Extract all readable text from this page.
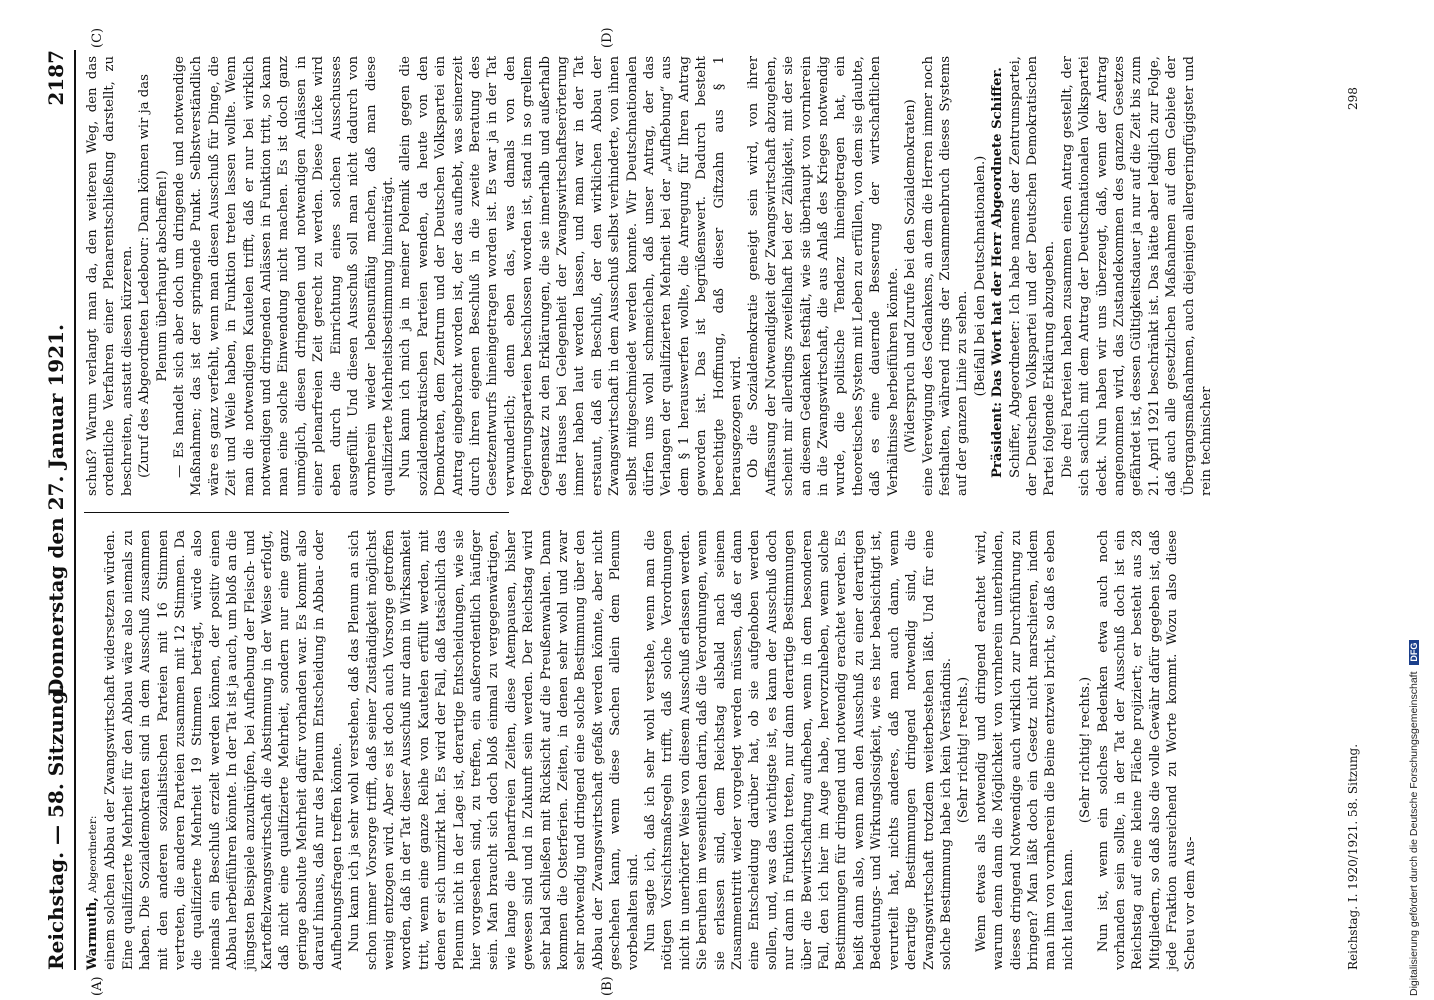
Reichstag. — 58. Sitzung.
Donnerstag den 27. Januar 1921.
2187
(A)	(B)
(C)	(D)

Warmuth, Abgeordneter: einem solchen Abbau der Zwangswirtschaft widersetzen würden. Eine qualifizierte Mehrheit für den Abbau wäre also niemals zu haben. Die Sozialdemokraten sind in dem Ausschuß zusammen mit den anderen sozialistischen Parteien mit 16 Stimmen vertreten, die anderen Parteien zusammen mit 12 Stimmen. Da die qualifizierte Mehrheit 19 Stimmen beträgt, würde also niemals ein Beschluß erzielt werden können, der positiv einen Abbau herbeiführen könnte. In der Tat ist ja auch, um bloß an die jüngsten Beispiele anzuknüpfen, bei Aufhebung der Fleisch- und Kartoffelzwangswirtschaft die Abstimmung in der Weise erfolgt, daß nicht eine qualifizierte Mehrheit, sondern nur eine ganz geringe absolute Mehrheit dafür vorhanden war. Es kommt also darauf hinaus, daß nur das Plenum Entscheidung in Abbau- oder Aufhebungsfragen treffen könnte. Nun kann ich ja sehr wohl verstehen, daß das Plenum an sich schon immer Vorsorge trifft, daß seiner Zuständigkeit möglichst wenig entzogen wird. Aber es ist doch auch Vorsorge getroffen worden, daß in der Tat dieser Ausschuß nur dann in Wirksamkeit tritt, wenn eine ganze Reihe von Kautelen erfüllt werden, mit denen er sich umzirkt hat. Es wird der Fall, daß tatsächlich das Plenum nicht in der Lage ist, derartige Entscheidungen, wie sie hier vorgesehen sind, zu treffen, ein außerordentlich häufiger sein. Man braucht sich doch bloß einmal zu vergegenwärtigen, wie lange die plenarfreien Zeiten, diese Atempausen, bisher gewesen sind und in Zukunft sein werden. Der Reichstag wird sehr bald schließen mit Rücksicht auf die Preußenwahlen. Dann kommen die Osterferien. Zeiten, in denen sehr wohl und zwar sehr notwendig und dringend eine solche Bestimmung über den Abbau der Zwangswirtschaft gefaßt werden könnte, aber nicht geschehen kann, wenn diese Sachen allein dem Plenum vorbehalten sind. Nun sagte ich, daß ich sehr wohl verstehe, wenn man die nötigen Vorsichtsmaßregeln trifft, daß solche Verordnungen nicht in unerhörter Weise von diesem Ausschuß erlassen werden. Sie beruhen im wesentlichen darin, daß die Verordnungen, wenn sie erlassen sind, dem Reichstag alsbald nach seinem Zusammentritt wieder vorgelegt werden müssen, daß er dann eine Entscheidung darüber hat, ob sie aufgehoben werden sollen, und, was das wichtigste ist, es kann der Ausschuß doch nur dann in Funktion treten, nur dann derartige Bestimmungen über die Bewirtschaftung aufheben, wenn in dem besonderen Fall, den ich hier im Auge habe, hervorzuheben, wenn solche Bestimmungen für dringend und notwendig erachtet werden. Es heißt dann also, wenn man den Ausschuß zu einer derartigen Bedeutungs- und Wirkungslosigkeit, wie es hier beabsichtigt ist, verurteilt hat, nichts anderes, daß man auch dann, wenn derartige Bestimmungen dringend notwendig sind, die Zwangswirtschaft trotzdem weiterbestehen läßt. Und für eine solche Bestimmung habe ich kein Verständnis. (Sehr richtig! rechts.) Wenn etwas als notwendig und dringend erachtet wird, warum denn dann die Möglichkeit von vornherein unterbinden, dieses dringend Notwendige auch wirklich zur Durchführung zu bringen? Man läßt doch ein Gesetz nicht marschieren, indem man ihm von vornherein die Beine entzwei bricht, so daß es eben nicht laufen kann.

(Sehr richtig! rechts.) Nun ist, wenn ein solches Bedenken etwa auch noch vorhanden sein sollte, in der Tat der Ausschuß doch ist ein Reichstag auf eine kleine Fläche projiziert; er besteht aus 28 Mitgliedern, so daß also die volle Gewähr dafür gegeben ist, daß jede Fraktion ausreichend zu Worte kommt. Wozu also diese Scheu vor dem Aus-

schuß? Warum verlangt man da, den weiteren Weg, den das ordentliche Verfahren einer Plenarentschließung darstellt, zu beschreiten, anstatt diesen kürzeren. (Zuruf des Abgeordneten Ledebour: Dann können wir ja das Plenum überhaupt abschaffen!) — Es handelt sich aber doch um dringende und notwendige Maßnahmen; das ist der springende Punkt. Selbstverständlich wäre es ganz verfehlt, wenn man diesen Ausschuß für Dinge, die Zeit und Weile haben, in Funktion treten lassen wollte. Wenn man die notwendigen Kautelen trifft, daß er nur bei wirklich notwendigen und dringenden Anlässen in Funktion tritt, so kann man eine solche Einwendung nicht machen. Es ist doch ganz unmöglich, diesen dringenden und notwendigen Anlässen in einer plenarfreien Zeit gerecht zu werden. Diese Lücke wird eben durch die Einrichtung eines solchen Ausschusses ausgefüllt. Und diesen Ausschuß soll man nicht dadurch von vornherein wieder lebensunfähig machen, daß man diese qualifizierte Mehrheitsbestimmung hineinträgt. Nun kann ich mich ja in meiner Polemik allein gegen die sozialdemokratischen Parteien wenden, da heute von den Demokraten, dem Zentrum und der Deutschen Volkspartei ein Antrag eingebracht worden ist, der das aufhebt, was seinerzeit durch ihren eigenen Beschluß in die zweite Beratung des Gesetzentwurfs hineingetragen worden ist. Es war ja in der Tat verwunderlich; denn eben das, was damals von den Regierungsparteien beschlossen worden ist, stand in so grellem Gegensatz zu den Erklärungen, die sie innerhalb und außerhalb des Hauses bei Gelegenheit der Zwangswirtschaftserörterung immer haben laut werden lassen, und man war in der Tat erstaunt, daß ein Beschluß, der den wirklichen Abbau der Zwangswirtschaft in dem Ausschuß selbst verhinderte, von ihnen selbst mitgeschmiedet werden konnte. Wir Deutschnationalen dürfen uns wohl schmeicheln, daß unser Antrag, der das Verlangen der qualifizierten Mehrheit bei der „Aufhebung“ aus dem § 1 herauswerfen wollte, die Anregung für Ihren Antrag geworden ist. Das ist begrüßenswert. Dadurch besteht berechtigte Hoffnung, daß dieser Giftzahn aus § 1 herausgezogen wird. Ob die Sozialdemokratie geneigt sein wird, von ihrer Auffassung der Notwendigkeit der Zwangswirtschaft abzugehen, scheint mir allerdings zweifelhaft bei der Zähigkeit, mit der sie an diesem Gedanken festhält, wie sie überhaupt von vornherein in die Zwangswirtschaft, die aus Anlaß des Krieges notwendig wurde, die politische Tendenz hineingetragen hat, ein theoretisches System mit Leben zu erfüllen, von dem sie glaubte, daß es eine dauernde Besserung der wirtschaftlichen Verhältnisse herbeiführen könnte. (Widerspruch und Zurufe bei den Sozialdemokraten) eine Verewigung des Gedankens, an dem die Herren immer noch festhalten, während rings der Zusammenbruch dieses Systems auf der ganzen Linie zu sehen. (Beifall bei den Deutschnationalen.) Präsident: Das Wort hat der Herr Abgeordnete Schiffer. Schiffer, Abgeordneter: Ich habe namens der Zentrumspartei, der Deutschen Volkspartei und der Deutschen Demokratischen Partei folgende Erklärung abzugeben. Die drei Parteien haben zusammen einen Antrag gestellt, der sich sachlich mit dem Antrag der Deutschnationalen Volkspartei deckt. Nun haben wir uns überzeugt, daß, wenn der Antrag angenommen wird, das Zustandekommen des ganzen Gesetzes gefährdet ist, dessen Gültigkeitsdauer ja nur auf die Zeit bis zum 21. April 1921 beschränkt ist. Das hätte aber lediglich zur Folge, daß auch alle gesetzlichen Maßnahmen auf dem Gebiete der Übergangsmaßnahmen, auch diejenigen allergeringfügigster und rein technischer

Reichstag. I. 1920/1921. 58. Sitzung.
298
Digitalisierung gefördert durch die Deutsche Forschungsgemeinschaft DFG
